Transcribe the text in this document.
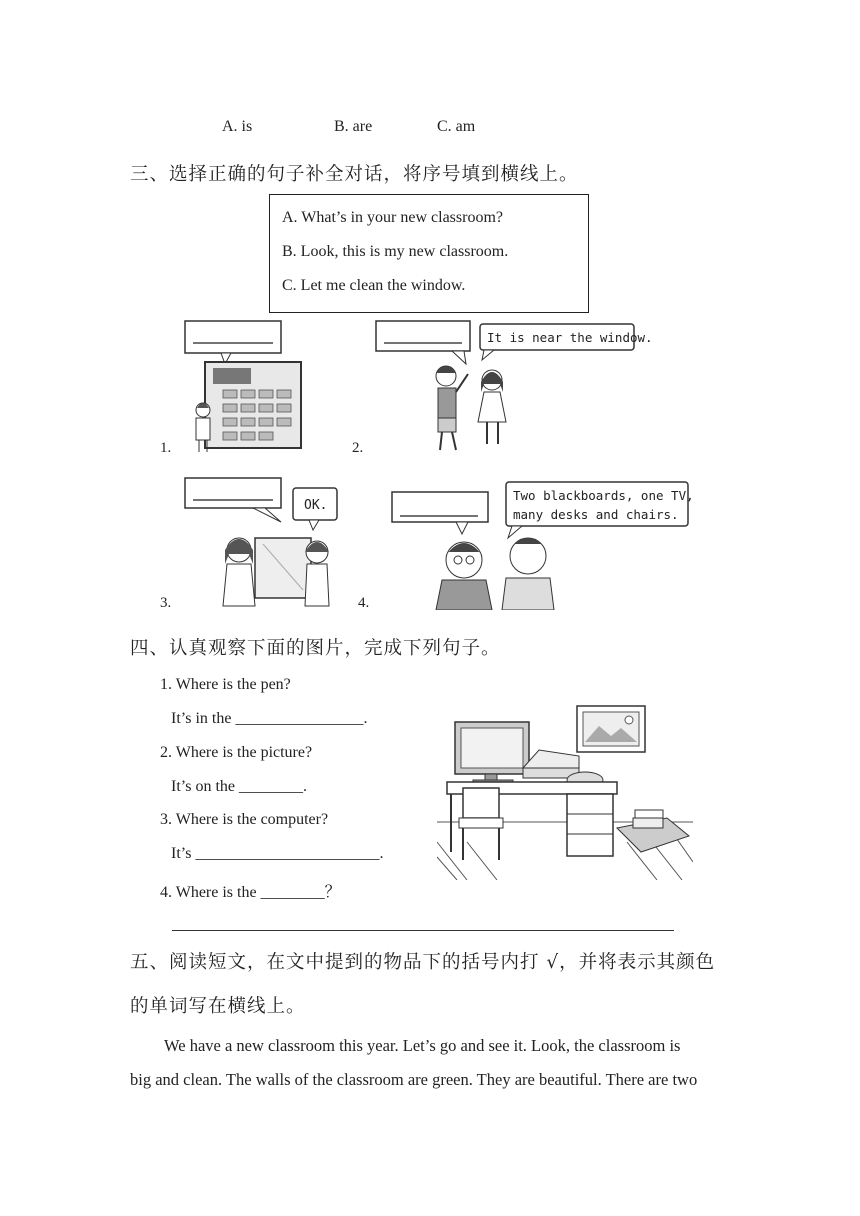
A. is	B. are	C. am
三、选择正确的句子补全对话，将序号填到横线上。
A. What’s in your new classroom?
B. Look, this is my new classroom.
C. Let me clean the window.
1.	2.
It is near the window.
3.
OK.
4.
Two blackboards, one TV,
many desks and chairs.
四、认真观察下面的图片，完成下列句子。
1. Where is the pen?
It’s in the ________________.
2. Where is the picture?
It’s on the ________.
3. Where is the computer?
It’s _______________________.
4. Where is the ________？
五、阅读短文，在文中提到的物品下的括号内打 √，并将表示其颜色
的单词写在横线上。
We have a new classroom this year. Let’s go and see it. Look, the classroom is
big and clean. The walls of the classroom are green. They are beautiful. There are two
